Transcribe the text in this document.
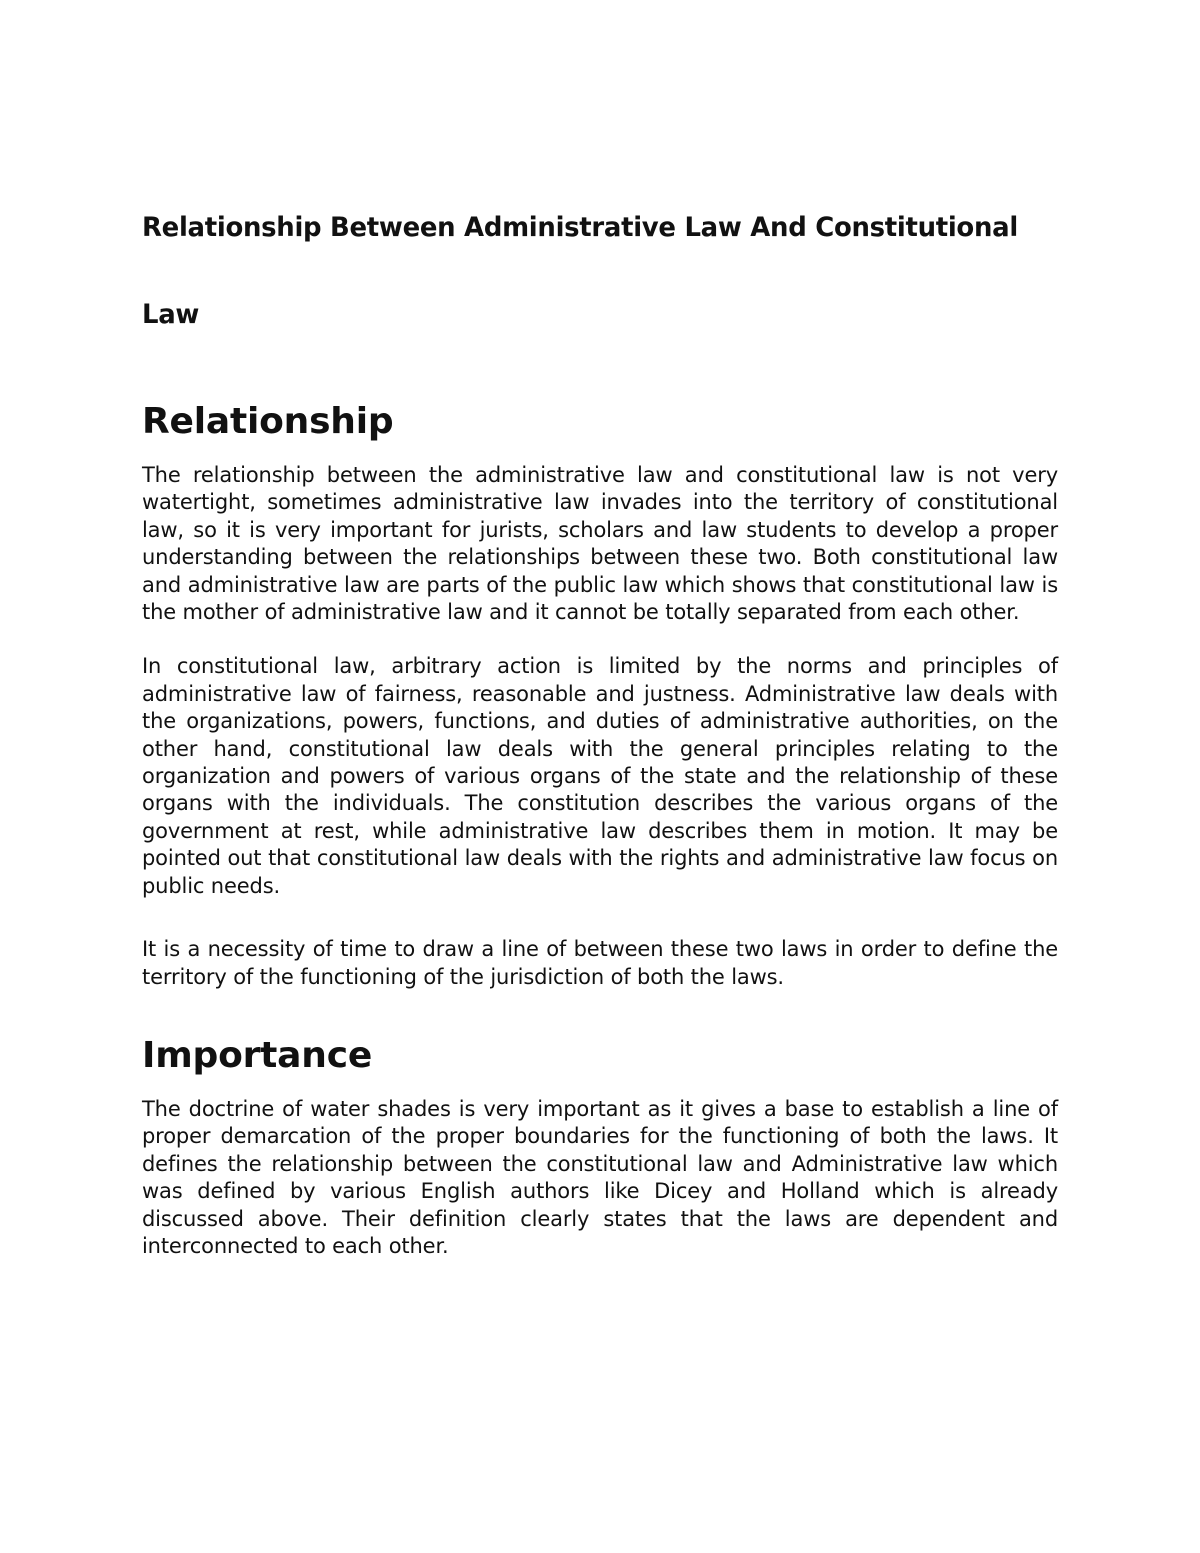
Relationship Between Administrative Law And Constitutional Law
Relationship

The relationship between the administrative law and constitutional law is not very watertight, sometimes administrative law invades into the territory of constitutional law, so it is very important for jurists, scholars and law students to develop a proper understanding between the relationships between these two. Both constitutional law and administrative law are parts of the public law which shows that constitutional law is the mother of administrative law and it cannot be totally separated from each other.

In constitutional law, arbitrary action is limited by the norms and principles of administrative law of fairness, reasonable and justness. Administrative law deals with the organizations, powers, functions, and duties of administrative authorities, on the other hand, constitutional law deals with the general principles relating to the organization and powers of various organs of the state and the relationship of these organs with the individuals. The constitution describes the various organs of the government at rest, while administrative law describes them in motion. It may be pointed out that constitutional law deals with the rights and administrative law focus on public needs.

It is a necessity of time to draw a line of between these two laws in order to define the territory of the functioning of the jurisdiction of both the laws.

Importance

The doctrine of water shades is very important as it gives a base to establish a line of proper demarcation of the proper boundaries for the functioning of both the laws. It defines the relationship between the constitutional law and Administrative law which was defined by various English authors like Dicey and Holland which is already discussed above. Their definition clearly states that the laws are dependent and interconnected to each other.
